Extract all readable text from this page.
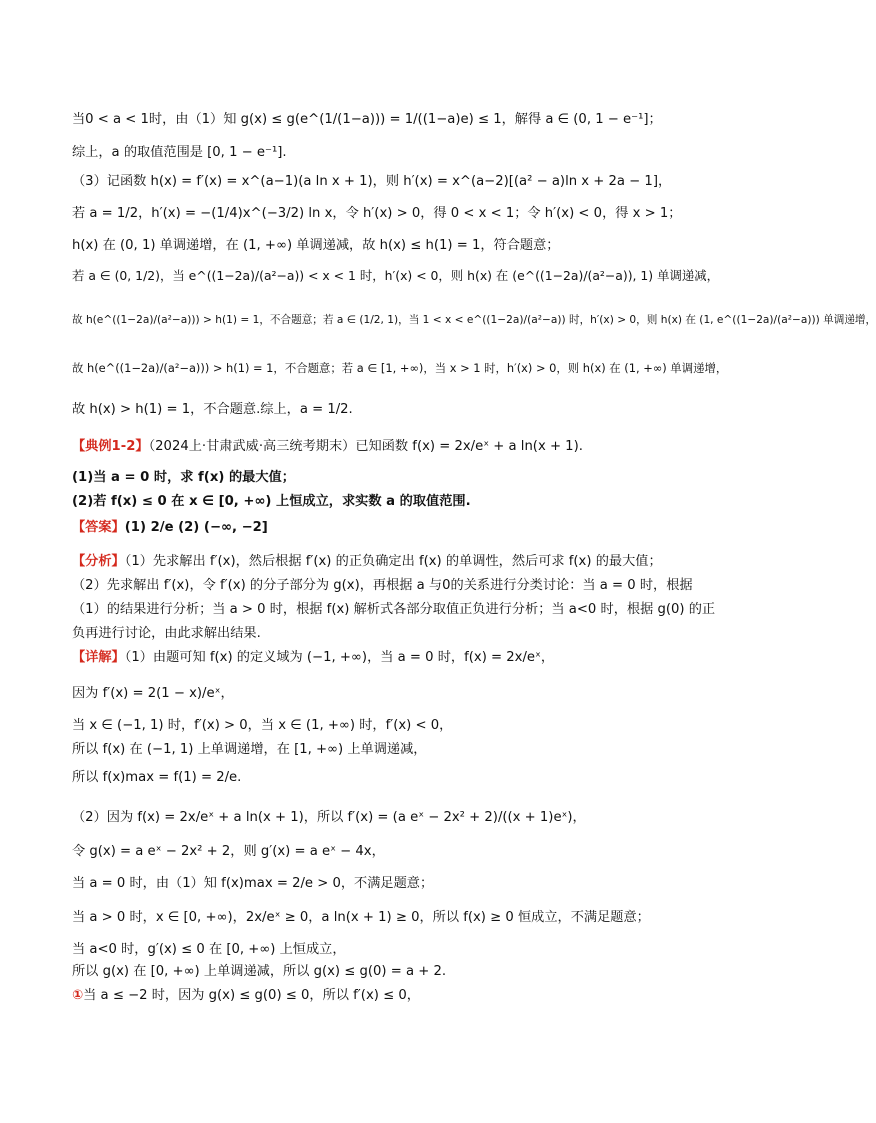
当0 < a < 1时，由（1）知 g(x) ≤ g(e^(1/(1−a))) = 1/((1−a)e) ≤ 1，解得 a ∈ (0, 1 − e⁻¹]；
综上，a 的取值范围是 [0, 1 − e⁻¹].
（3）记函数 h(x) = f′(x) = x^(a−1)(a ln x + 1)，则 h′(x) = x^(a−2)[(a² − a)ln x + 2a − 1]，
若 a = 1/2，h′(x) = −(1/4)x^(−3/2) ln x，令 h′(x) > 0，得 0 < x < 1；令 h′(x) < 0，得 x > 1；
h(x) 在 (0, 1) 单调递增，在 (1, +∞) 单调递减，故 h(x) ≤ h(1) = 1，符合题意；
若 a ∈ (0, 1/2)，当 e^((1−2a)/(a²−a)) < x < 1 时，h′(x) < 0，则 h(x) 在 (e^((1−2a)/(a²−a)), 1) 单调递减，
故 h(e^((1−2a)/(a²−a))) > h(1) = 1，不合题意；若 a ∈ (1/2, 1)，当 1 < x < e^((1−2a)/(a²−a)) 时，h′(x) > 0，则 h(x) 在 (1, e^((1−2a)/(a²−a))) 单调递增，
故 h(e^((1−2a)/(a²−a))) > h(1) = 1，不合题意；若 a ∈ [1, +∞)，当 x > 1 时，h′(x) > 0，则 h(x) 在 (1, +∞) 单调递增，
故 h(x) > h(1) = 1，不合题意.综上，a = 1/2.
【典例1-2】（2024上·甘肃武威·高三统考期末）已知函数 f(x) = 2x/eˣ + a ln(x + 1).
(1)当 a = 0 时，求 f(x) 的最大值；
(2)若 f(x) ≤ 0 在 x ∈ [0, +∞) 上恒成立，求实数 a 的取值范围.
【答案】(1) 2/e (2) (−∞, −2]
【分析】（1）先求解出 f′(x)，然后根据 f′(x) 的正负确定出 f(x) 的单调性，然后可求 f(x) 的最大值；
（2）先求解出 f′(x)，令 f′(x) 的分子部分为 g(x)，再根据 a 与0的关系进行分类讨论：当 a = 0 时，根据
（1）的结果进行分析；当 a > 0 时，根据 f(x) 解析式各部分取值正负进行分析；当 a<0 时，根据 g(0) 的正
负再进行讨论，由此求解出结果.
【详解】（1）由题可知 f(x) 的定义域为 (−1, +∞)，当 a = 0 时，f(x) = 2x/eˣ，
因为 f′(x) = 2(1 − x)/eˣ，
当 x ∈ (−1, 1) 时，f′(x) > 0，当 x ∈ (1, +∞) 时，f′(x) < 0，
所以 f(x) 在 (−1, 1) 上单调递增，在 [1, +∞) 上单调递减，
所以 f(x)max = f(1) = 2/e.
（2）因为 f(x) = 2x/eˣ + a ln(x + 1)，所以 f′(x) = (a eˣ − 2x² + 2)/((x + 1)eˣ)，
令 g(x) = a eˣ − 2x² + 2，则 g′(x) = a eˣ − 4x，
当 a = 0 时，由（1）知 f(x)max = 2/e > 0，不满足题意；
当 a > 0 时，x ∈ [0, +∞)，2x/eˣ ≥ 0，a ln(x + 1) ≥ 0，所以 f(x) ≥ 0 恒成立，不满足题意；
当 a<0 时，g′(x) ≤ 0 在 [0, +∞) 上恒成立，
所以 g(x) 在 [0, +∞) 上单调递减，所以 g(x) ≤ g(0) = a + 2.
①当 a ≤ −2 时，因为 g(x) ≤ g(0) ≤ 0，所以 f′(x) ≤ 0，
